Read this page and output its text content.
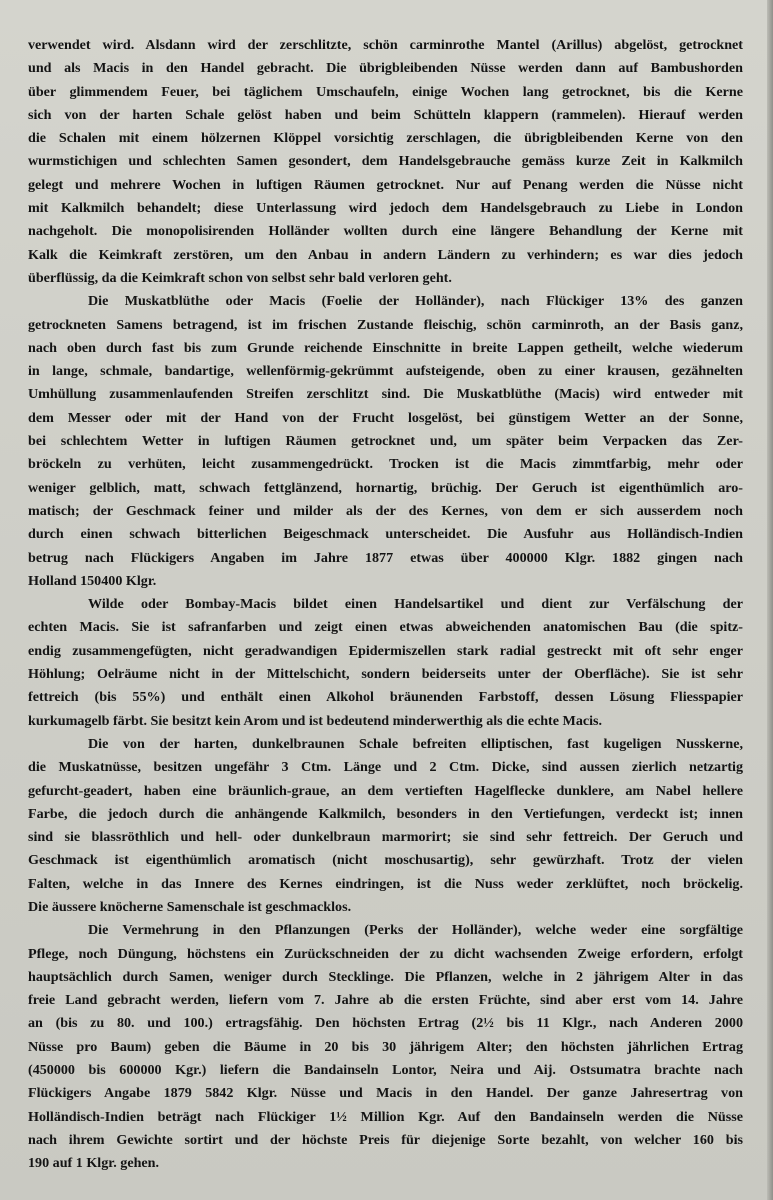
verwendet wird. Alsdann wird der zerschlitzte, schön carminrothe Mantel (Arillus) abgelöst, getrocknet
und als Macis in den Handel gebracht. Die übrigbleibenden Nüsse werden dann auf Bambushorden
über glimmendem Feuer, bei täglichem Umschaufeln, einige Wochen lang getrocknet, bis die Kerne
sich von der harten Schale gelöst haben und beim Schütteln klappern (rammelen). Hierauf werden
die Schalen mit einem hölzernen Klöppel vorsichtig zerschlagen, die übrigbleibenden Kerne von den
wurmstichigen und schlechten Samen gesondert, dem Handelsgebrauche gemäss kurze Zeit in Kalkmilch
gelegt und mehrere Wochen in luftigen Räumen getrocknet. Nur auf Penang werden die Nüsse nicht
mit Kalkmilch behandelt; diese Unterlassung wird jedoch dem Handelsgebrauch zu Liebe in London
nachgeholt. Die monopolisirenden Holländer wollten durch eine längere Behandlung der Kerne mit
Kalk die Keimkraft zerstören, um den Anbau in andern Ländern zu verhindern; es war dies jedoch
überflüssig, da die Keimkraft schon von selbst sehr bald verloren geht.

Die Muskatblüthe oder Macis (Foelie der Holländer), nach Flückiger 13% des ganzen
getrockneten Samens betragend, ist im frischen Zustande fleischig, schön carminroth, an der Basis ganz,
nach oben durch fast bis zum Grunde reichende Einschnitte in breite Lappen getheilt, welche wiederum
in lange, schmale, bandartige, wellenförmig-gekrümmt aufsteigende, oben zu einer krausen, gezähnelten
Umhüllung zusammenlaufenden Streifen zerschlitzt sind. Die Muskatblüthe (Macis) wird entweder mit
dem Messer oder mit der Hand von der Frucht losgelöst, bei günstigem Wetter an der Sonne,
bei schlechtem Wetter in luftigen Räumen getrocknet und, um später beim Verpacken das Zer-
bröckeln zu verhüten, leicht zusammengedrückt. Trocken ist die Macis zimmtfarbig, mehr oder
weniger gelblich, matt, schwach fettglänzend, hornartig, brüchig. Der Geruch ist eigenthümlich aro-
matisch; der Geschmack feiner und milder als der des Kernes, von dem er sich ausserdem noch
durch einen schwach bitterlichen Beigeschmack unterscheidet. Die Ausfuhr aus Holländisch-Indien
betrug nach Flückigers Angaben im Jahre 1877 etwas über 400000 Klgr. 1882 gingen nach
Holland 150400 Klgr.

Wilde oder Bombay-Macis bildet einen Handelsartikel und dient zur Verfälschung der
echten Macis. Sie ist safranfarben und zeigt einen etwas abweichenden anatomischen Bau (die spitz-
endig zusammengefügten, nicht geradwandigen Epidermiszellen stark radial gestreckt mit oft sehr enger
Höhlung; Oelräume nicht in der Mittelschicht, sondern beiderseits unter der Oberfläche). Sie ist sehr
fettreich (bis 55%) und enthält einen Alkohol bräunenden Farbstoff, dessen Lösung Fliesspapier
kurkumagelb färbt. Sie besitzt kein Arom und ist bedeutend minderwerthig als die echte Macis.

Die von der harten, dunkelbraunen Schale befreiten elliptischen, fast kugeligen Nusskerne,
die Muskatnüsse, besitzen ungefähr 3 Ctm. Länge und 2 Ctm. Dicke, sind aussen zierlich netzartig
gefurcht-geadert, haben eine bräunlich-graue, an dem vertieften Hagelflecke dunklere, am Nabel hellere
Farbe, die jedoch durch die anhängende Kalkmilch, besonders in den Vertiefungen, verdeckt ist; innen
sind sie blassröthlich und hell- oder dunkelbraun marmorirt; sie sind sehr fettreich. Der Geruch und
Geschmack ist eigenthümlich aromatisch (nicht moschusartig), sehr gewürzhaft. Trotz der vielen
Falten, welche in das Innere des Kernes eindringen, ist die Nuss weder zerklüftet, noch bröckelig.
Die äussere knöcherne Samenschale ist geschmacklos.

Die Vermehrung in den Pflanzungen (Perks der Holländer), welche weder eine sorgfältige
Pflege, noch Düngung, höchstens ein Zurückschneiden der zu dicht wachsenden Zweige erfordern, erfolgt
hauptsächlich durch Samen, weniger durch Stecklinge. Die Pflanzen, welche in 2 jährigem Alter in das
freie Land gebracht werden, liefern vom 7. Jahre ab die ersten Früchte, sind aber erst vom 14. Jahre
an (bis zu 80. und 100.) ertragsfähig. Den höchsten Ertrag (2½ bis 11 Klgr., nach Anderen 2000
Nüsse pro Baum) geben die Bäume in 20 bis 30 jährigem Alter; den höchsten jährlichen Ertrag
(450000 bis 600000 Kgr.) liefern die Bandainseln Lontor, Neira und Aij. Ostsumatra brachte nach
Flückigers Angabe 1879 5842 Klgr. Nüsse und Macis in den Handel. Der ganze Jahresertrag von
Holländisch-Indien beträgt nach Flückiger 1½ Million Kgr. Auf den Bandainseln werden die Nüsse
nach ihrem Gewichte sortirt und der höchste Preis für diejenige Sorte bezahlt, von welcher 160 bis
190 auf 1 Klgr. gehen.
